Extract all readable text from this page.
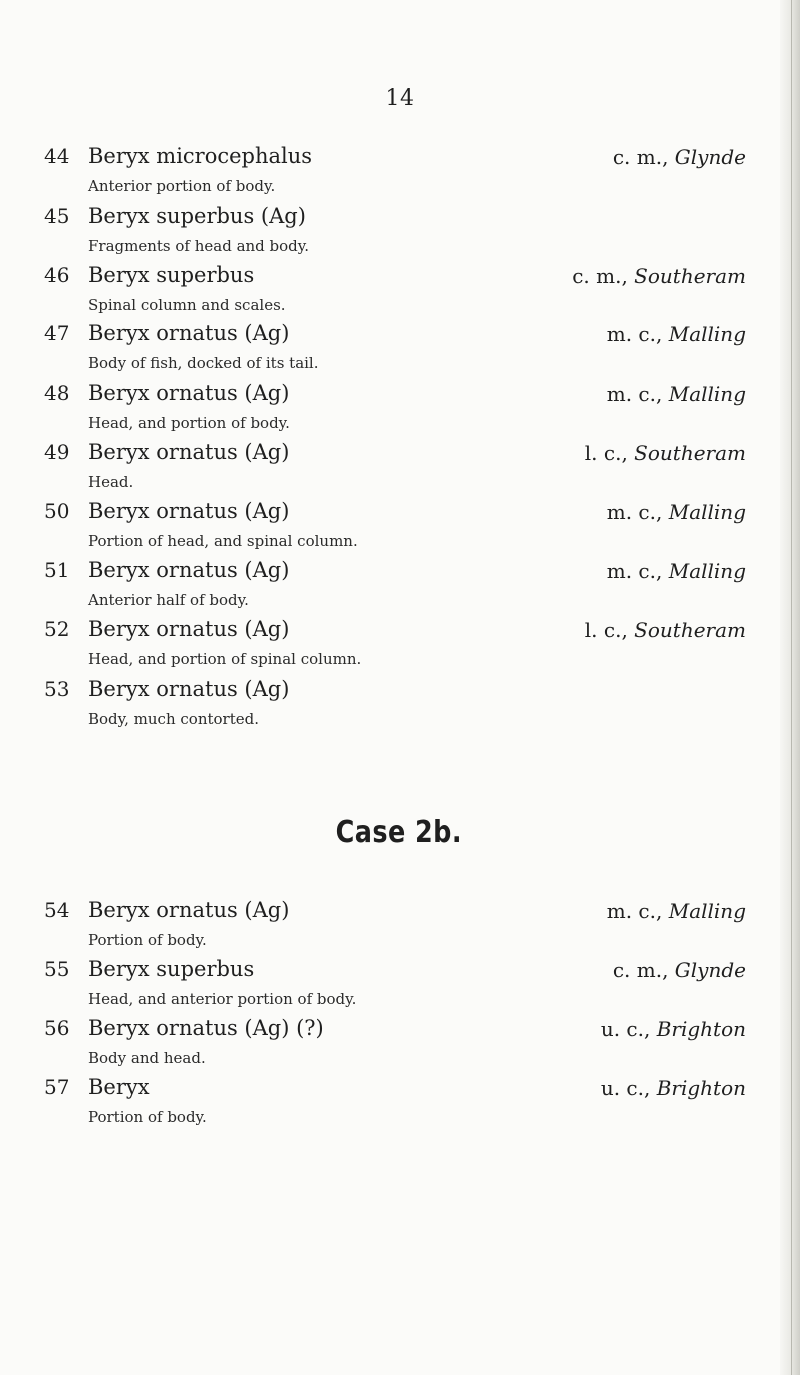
14
44 Beryx microcephalus
Anterior portion of body.
c. m., Glynde
45 Beryx superbus (Ag)
Fragments of head and body.
46 Beryx superbus
Spinal column and scales.
c. m., Southeram
47 Beryx ornatus (Ag)
Body of fish, docked of its tail.
m. c., Malling
48 Beryx ornatus (Ag)
Head, and portion of body.
m. c., Malling
49 Beryx ornatus (Ag)
Head.
l. c., Southeram
50 Beryx ornatus (Ag)
Portion of head, and spinal column.
m. c., Malling
51 Beryx ornatus (Ag)
Anterior half of body.
m. c., Malling
52 Beryx ornatus (Ag)
Head, and portion of spinal column.
l. c., Southeram
53 Beryx ornatus (Ag)
Body, much contorted.
Case 2b.
54 Beryx ornatus (Ag)
Portion of body.
m. c., Malling
55 Beryx superbus
Head, and anterior portion of body.
c. m., Glynde
56 Beryx ornatus (Ag) (?)
Body and head.
u. c., Brighton
57 Beryx
Portion of body.
u. c., Brighton
